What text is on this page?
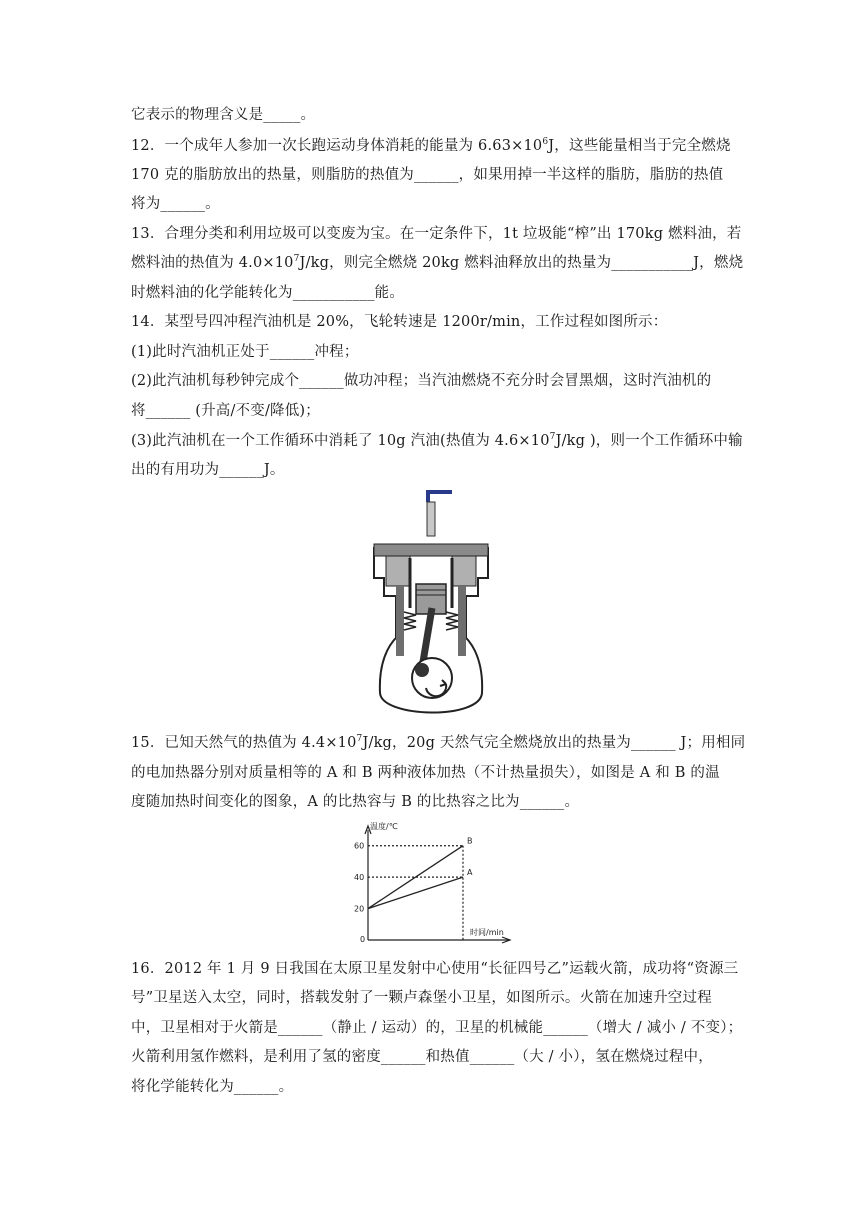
它表示的物理含义是_____。
12．一个成年人参加一次长跑运动身体消耗的能量为 $6.63\times 10^6J$，这些能量相当于完全燃烧
170 克的脂肪放出的热量，则脂肪的热值为______，如果用掉一半这样的脂肪，脂肪的热值
将为______。
13．合理分类和利用垃圾可以变废为宝。在一定条件下，1t 垃圾能“榨”出 170kg 燃料油，若
燃料油的热值为 $4.0\times 10^7J/kg$，则完全燃烧 20kg 燃料油释放出的热量为___________J，燃烧
时燃料油的化学能转化为___________能。
14．某型号四冲程汽油机是 20%，飞轮转速是 1200r/min，工作过程如图所示：
(1)此时汽油机正处于______冲程；
(2)此汽油机每秒钟完成个______做功冲程；当汽油燃烧不充分时会冒黑烟，这时汽油机的
将______ (升高/不变/降低)；
(3)此汽油机在一个工作循环中消耗了 10g 汽油(热值为 $4.6\times 10^7J/kg$ )，则一个工作循环中输
出的有用功为______J。
15．已知天然气的热值为 $4.4\times 10^7J/kg$，20g 天然气完全燃烧放出的热量为______ J；用相同
的电加热器分别对质量相等的 A 和 B 两种液体加热（不计热量损失），如图是 A 和 B 的温
度随加热时间变化的图象，A 的比热容与 B 的比热容之比为______。
温度/℃
时间/min
0
60
40
20
B
A
16．2012 年 1 月 9 日我国在太原卫星发射中心使用“长征四号乙”运载火箭，成功将“资源三
号”卫星送入太空，同时，搭载发射了一颗卢森堡小卫星，如图所示。火箭在加速升空过程
中，卫星相对于火箭是______（静止 / 运动）的，卫星的机械能______（增大 / 减小 / 不变）；
火箭利用氢作燃料，是利用了氢的密度______和热值______（大 / 小），氢在燃烧过程中，
将化学能转化为______。
